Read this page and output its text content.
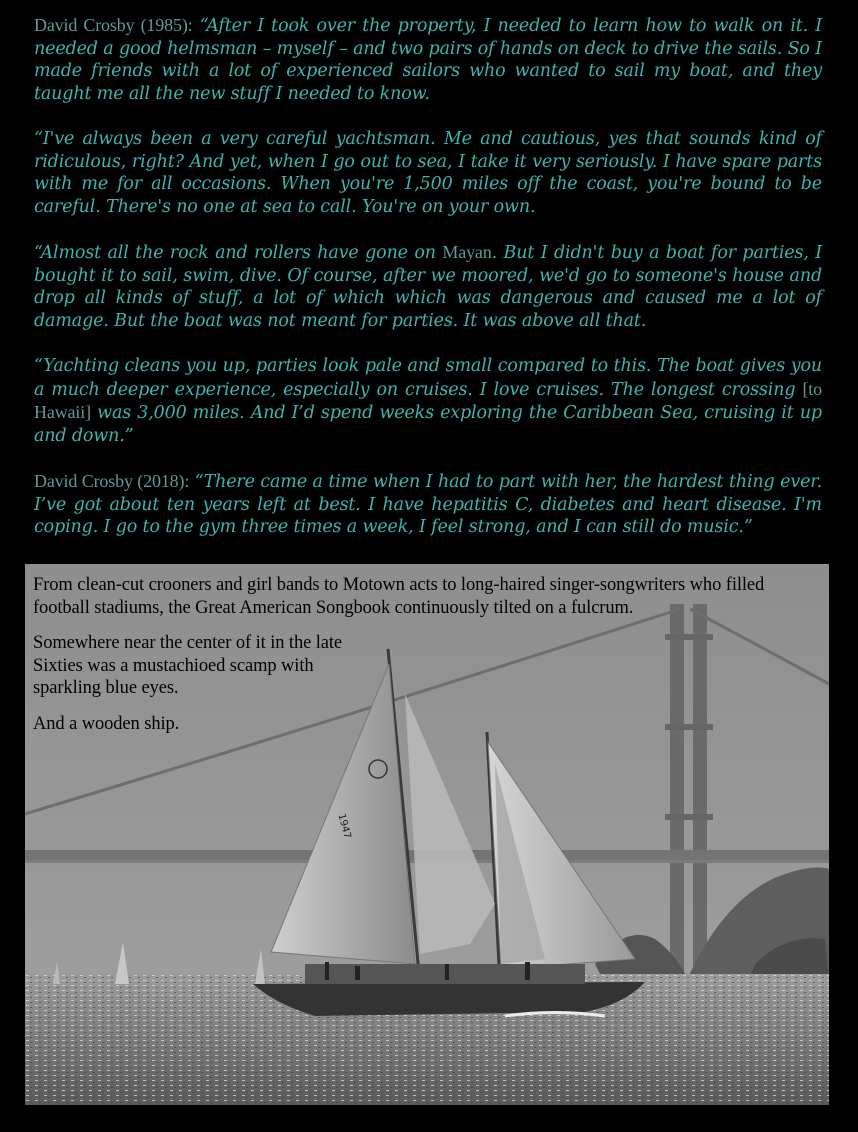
David Crosby (1985): “After I took over the property, I needed to learn how to walk on it. I needed a good helmsman – myself – and two pairs of hands on deck to drive the sails. So I made friends with a lot of experienced sailors who wanted to sail my boat, and they taught me all the new stuff I needed to know.

“I've always been a very careful yachtsman. Me and cautious, yes that sounds kind of ridiculous, right? And yet, when I go out to sea, I take it very seriously. I have spare parts with me for all occasions. When you're 1,500 miles off the coast, you're bound to be careful. There's no one at sea to call. You're on your own.

“Almost all the rock and rollers have gone on Mayan. But I didn't buy a boat for parties, I bought it to sail, swim, dive. Of course, after we moored, we'd go to someone's house and drop all kinds of stuff, a lot of which which was dangerous and caused me a lot of damage. But the boat was not meant for parties. It was above all that.

“Yachting cleans you up, parties look pale and small compared to this. The boat gives you a much deeper experience, especially on cruises. I love cruises. The longest crossing [to Hawaii] was 3,000 miles. And I’d spend weeks exploring the Caribbean Sea, cruising it up and down.”

David Crosby (2018): “There came a time when I had to part with her, the hardest thing ever. I’ve got about ten years left at best. I have hepatitis C, diabetes and heart disease. I'm coping. I go to the gym three times a week, I feel strong, and I can still do music.”

1947

From clean-cut crooners and girl bands to Motown acts to long-haired singer-songwriters who filled football stadiums, the Great American Songbook continuously tilted on a fulcrum.

Somewhere near the center of it in the late Sixties was a mustachioed scamp with sparkling blue eyes.

And a wooden ship.
